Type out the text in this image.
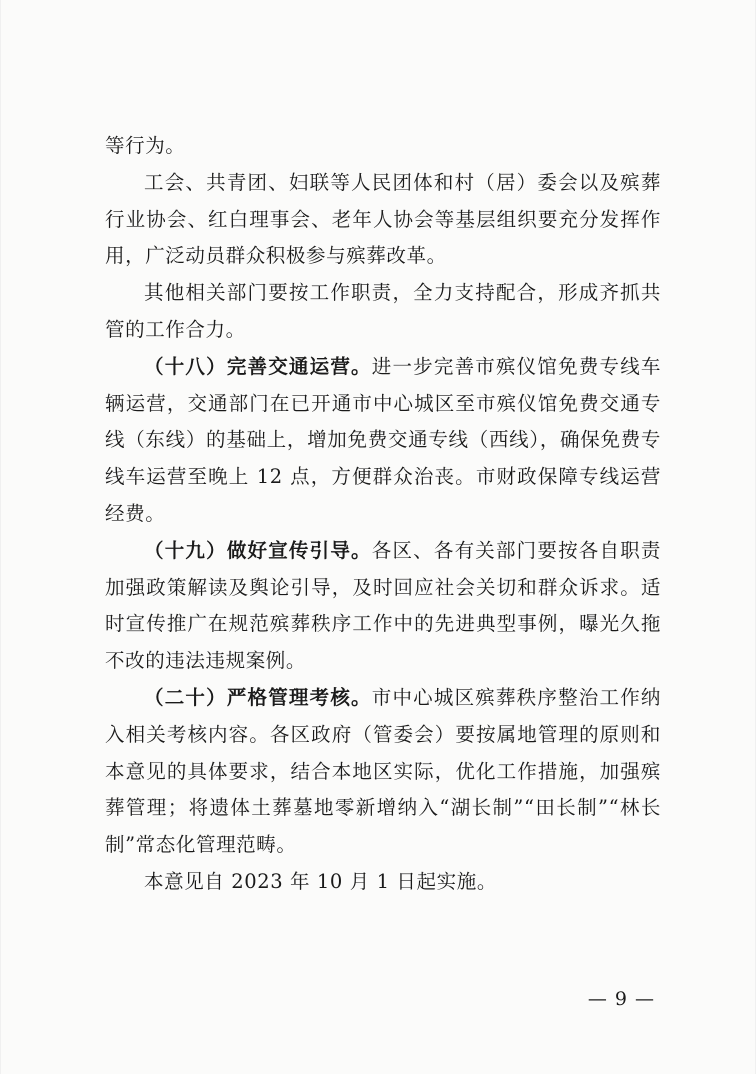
等行为。

工会、共青团、妇联等人民团体和村（居）委会以及殡葬行业协会、红白理事会、老年人协会等基层组织要充分发挥作用，广泛动员群众积极参与殡葬改革。

其他相关部门要按工作职责，全力支持配合，形成齐抓共管的工作合力。

（十八）完善交通运营。进一步完善市殡仪馆免费专线车辆运营，交通部门在已开通市中心城区至市殡仪馆免费交通专线（东线）的基础上，增加免费交通专线（西线），确保免费专线车运营至晚上 12 点，方便群众治丧。市财政保障专线运营经费。

（十九）做好宣传引导。各区、各有关部门要按各自职责加强政策解读及舆论引导，及时回应社会关切和群众诉求。适时宣传推广在规范殡葬秩序工作中的先进典型事例，曝光久拖不改的违法违规案例。

（二十）严格管理考核。市中心城区殡葬秩序整治工作纳入相关考核内容。各区政府（管委会）要按属地管理的原则和本意见的具体要求，结合本地区实际，优化工作措施，加强殡葬管理；将遗体土葬墓地零新增纳入“湖长制”“田长制”“林长制”常态化管理范畴。

本意见自 2023 年 10 月 1 日起实施。

— 9 —
